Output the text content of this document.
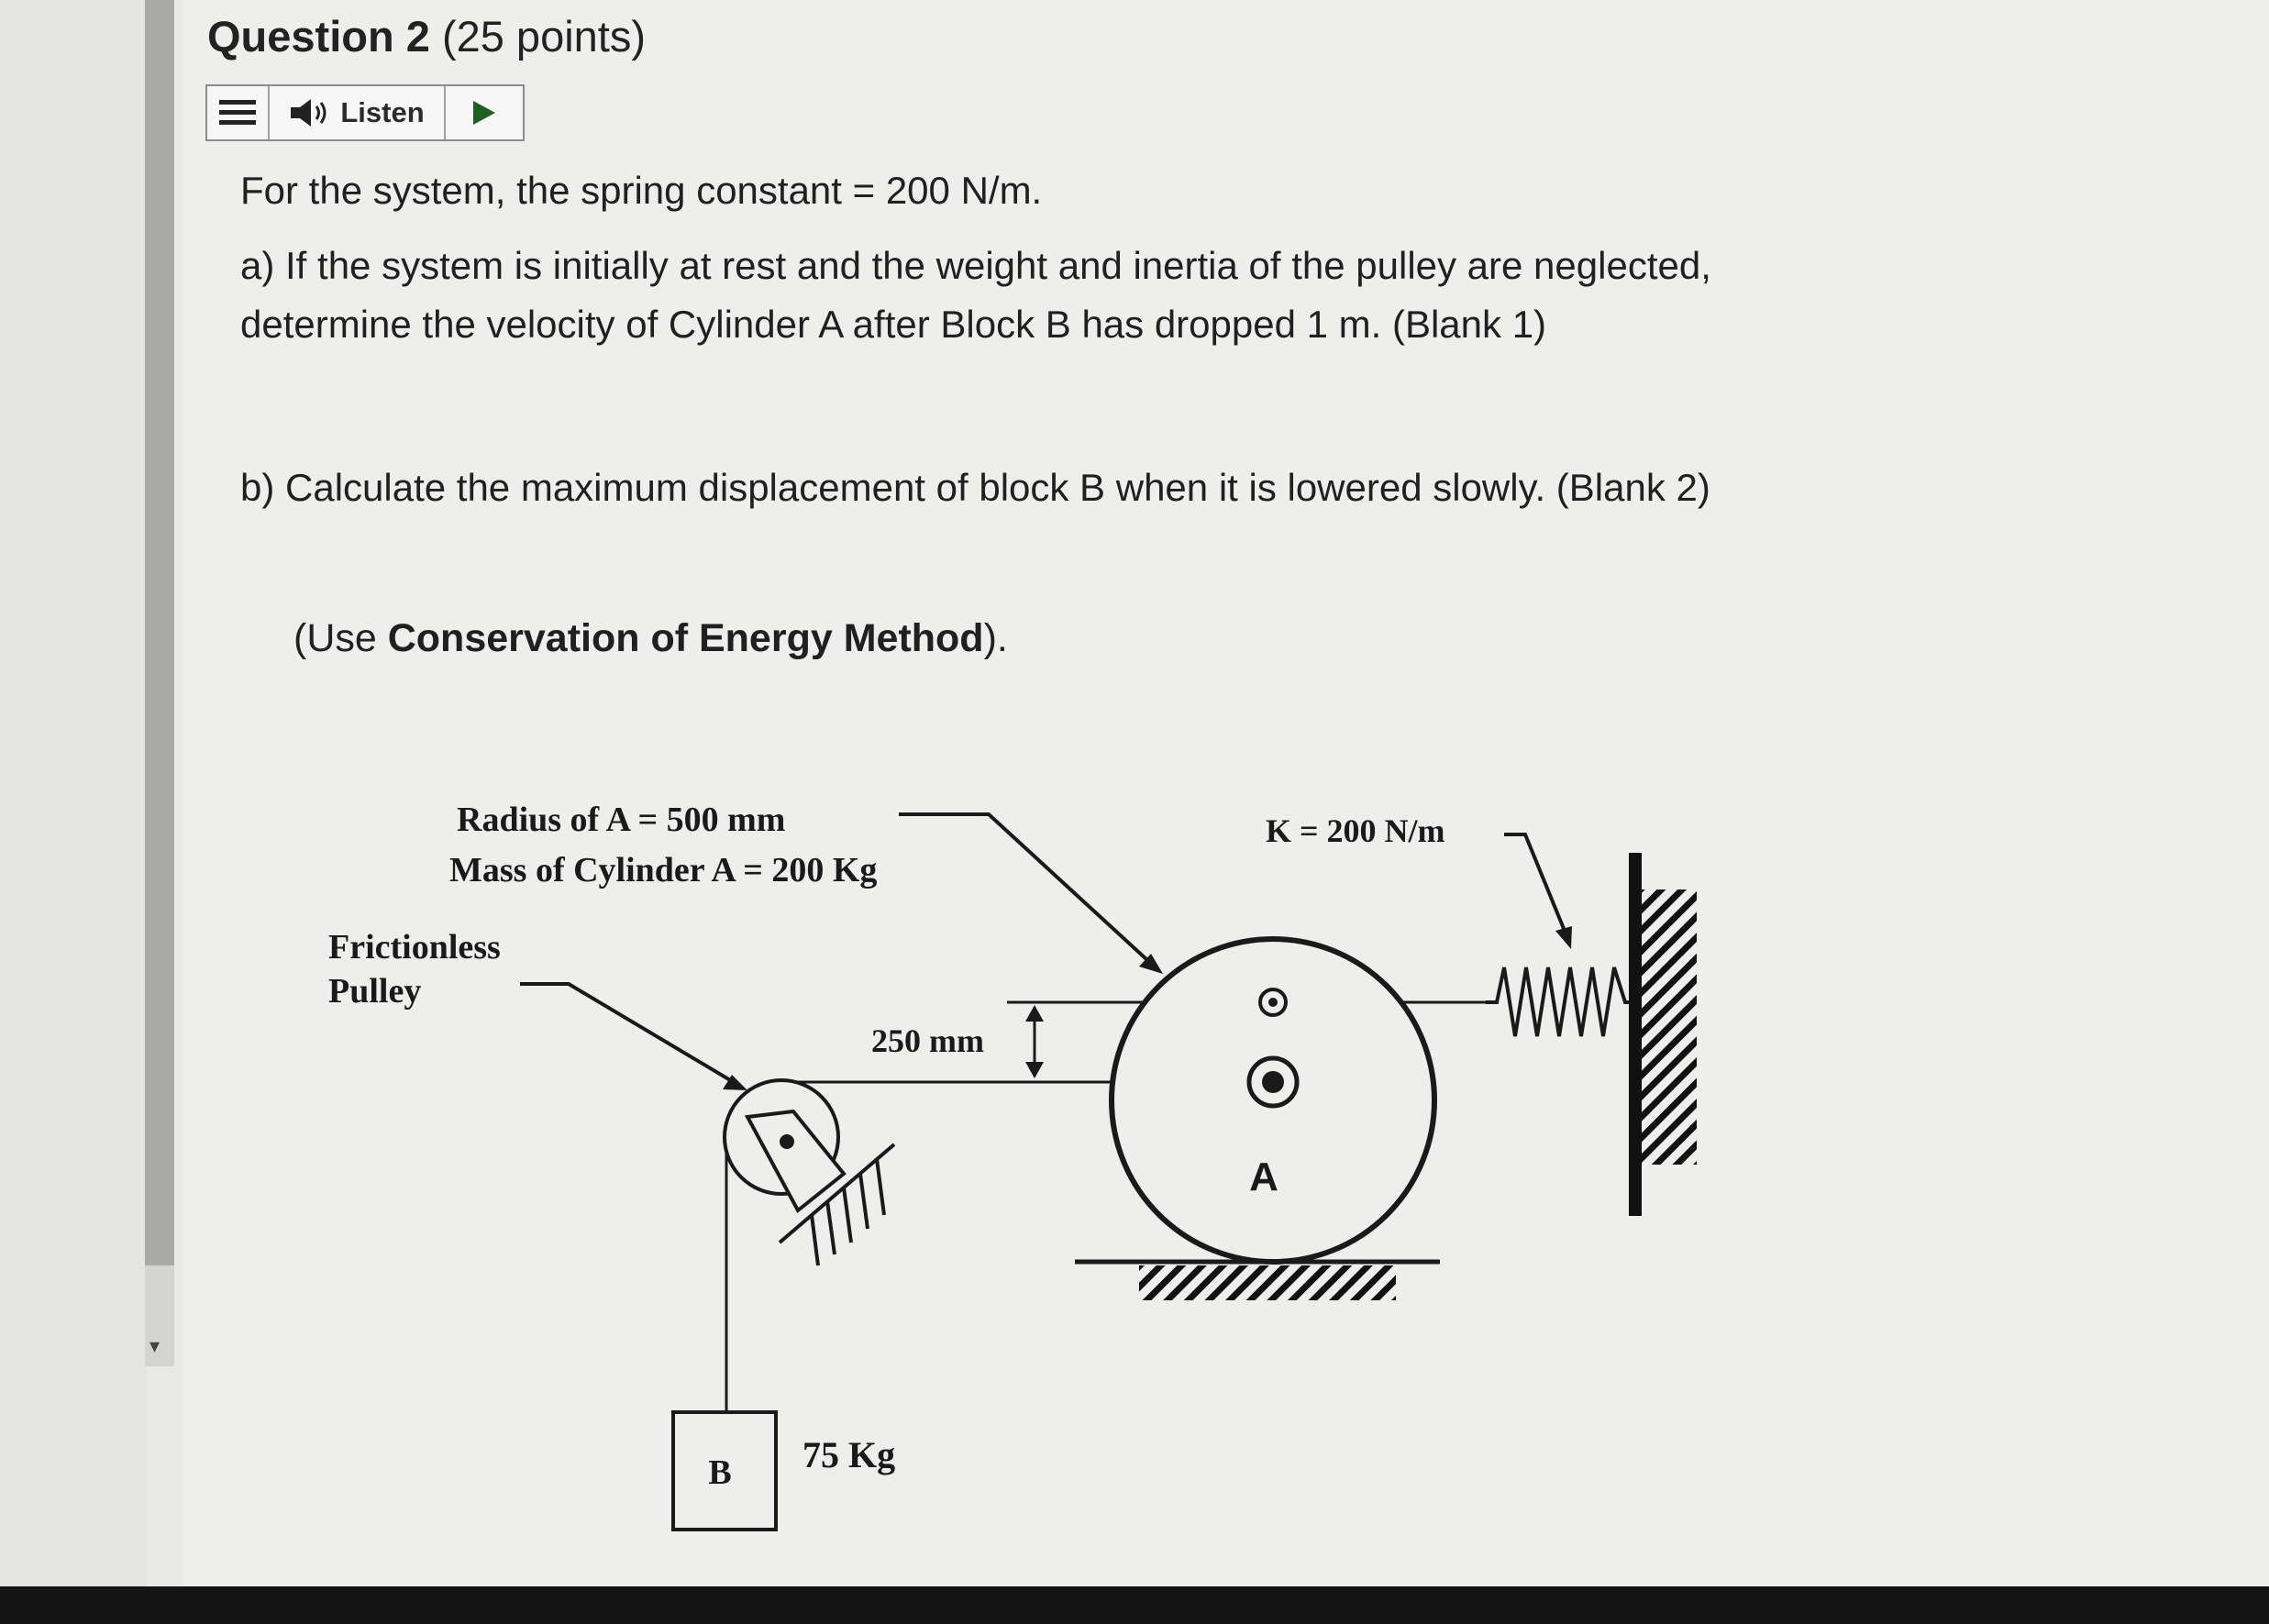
▾
Question 2 (25 points)
Listen
For the system, the spring constant = 200 N/m.
a) If the system is initially at rest and the weight and inertia of the pulley are neglected, determine the velocity of Cylinder A after Block B has dropped 1 m. (Blank 1)
b) Calculate the maximum displacement of block B when it is lowered slowly. (Blank 2)
(Use Conservation of Energy Method).
Radius of A = 500 mm
Mass of Cylinder A = 200 Kg
Frictionless
Pulley
250 mm
K = 200 N/m
A
B 75 Kg
